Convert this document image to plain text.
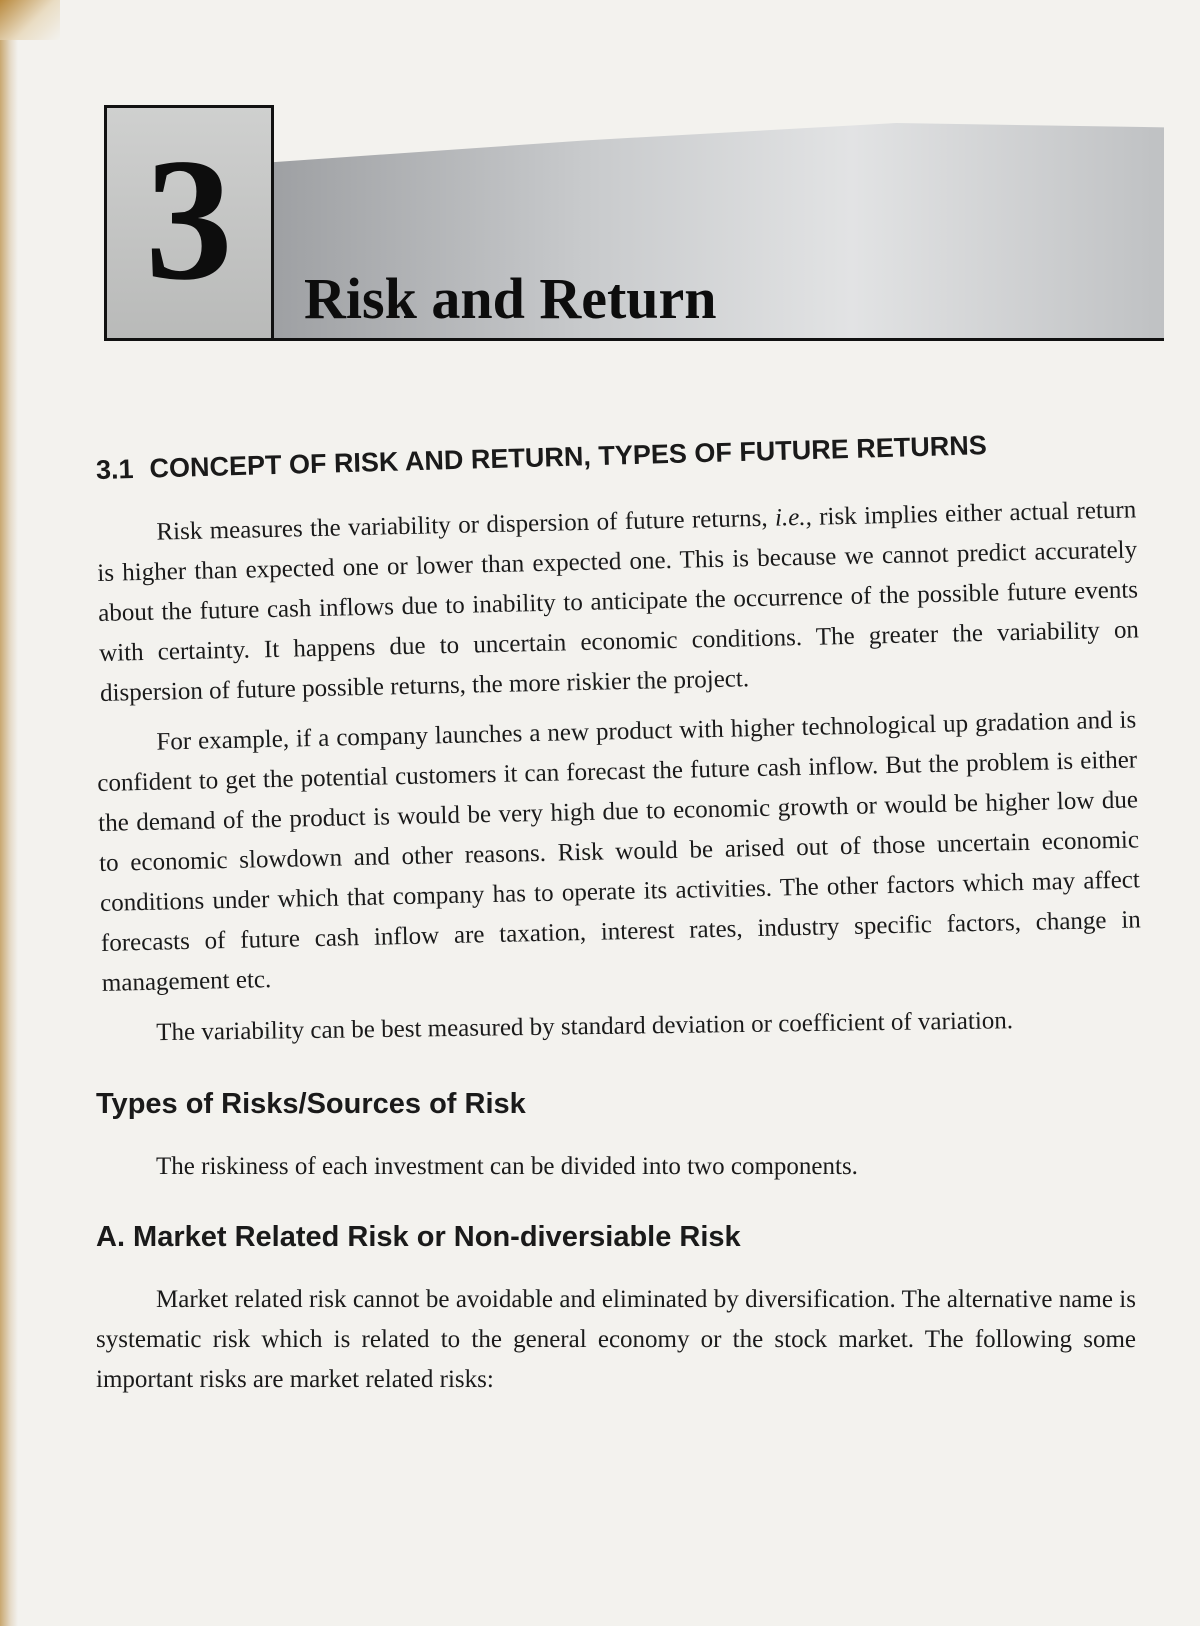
3 Risk and Return
3.1 CONCEPT OF RISK AND RETURN, TYPES OF FUTURE RETURNS

Risk measures the variability or dispersion of future returns, i.e., risk implies either actual return is higher than expected one or lower than expected one. This is because we cannot predict accurately about the future cash inflows due to inability to anticipate the occurrence of the possible future events with certainty. It happens due to uncertain economic conditions. The greater the variability on dispersion of future possible returns, the more riskier the project.

For example, if a company launches a new product with higher technological up gradation and is confident to get the potential customers it can forecast the future cash inflow. But the problem is either the demand of the product is would be very high due to economic growth or would be higher low due to economic slowdown and other reasons. Risk would be arised out of those uncertain economic conditions under which that company has to operate its activities. The other factors which may affect forecasts of future cash inflow are taxation, interest rates, industry specific factors, change in management etc.

The variability can be best measured by standard deviation or coefficient of variation.

Types of Risks/Sources of Risk

The riskiness of each investment can be divided into two components.

A. Market Related Risk or Non-diversiable Risk

Market related risk cannot be avoidable and eliminated by diversification. The alternative name is systematic risk which is related to the general economy or the stock market. The following some important risks are market related risks:
